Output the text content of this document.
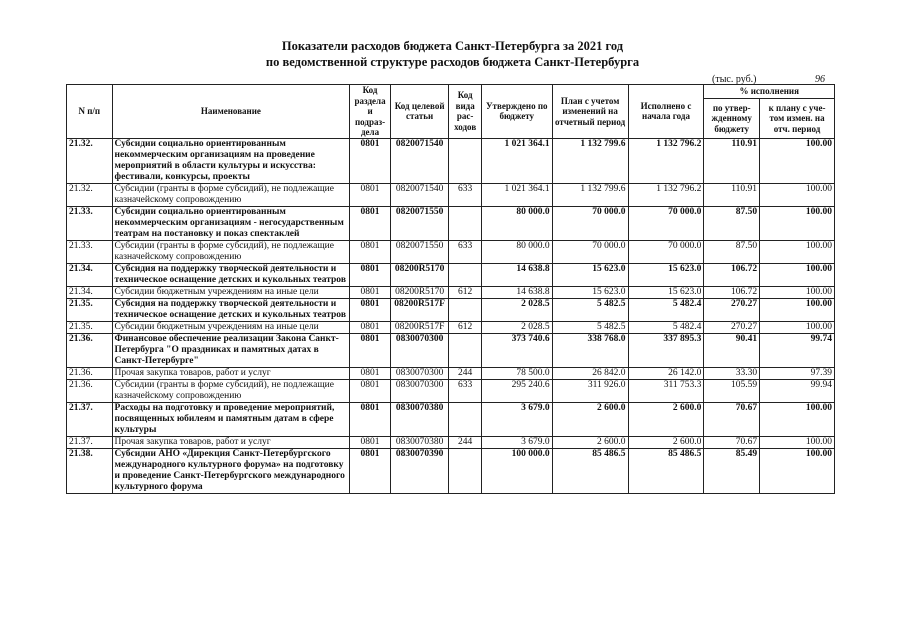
Показатели расходов бюджета Санкт-Петербурга за 2021 год
по ведомственной структуре расходов бюджета Санкт-Петербурга
(тыс. руб.)	96
N п/п	Наименование	Код раздела и подраз- дела	Код целевой статьи	Код вида рас- ходов	Утверждено по бюджету	План с учетом изменений на отчетный период	Исполнено с начала года	% исполнения	
								по утвер- жденному бюджету	к плану с уче- том измен. на отч. период
21.32.	Субсидии социально ориентированным некоммерческим организациям на проведение мероприятий в области культуры и искусства: фестивали, конкурсы, проекты	0801	0820071540		1 021 364.1	1 132 799.6	1 132 796.2	110.91	100.00
21.32.	Субсидии (гранты в форме субсидий), не подлежащие казначейскому сопровождению	0801	0820071540	633	1 021 364.1	1 132 799.6	1 132 796.2	110.91	100.00
21.33.	Субсидии социально ориентированным некоммерческим организациям - негосударственным театрам на постановку и показ спектаклей	0801	0820071550		80 000.0	70 000.0	70 000.0	87.50	100.00
21.33.	Субсидии (гранты в форме субсидий), не подлежащие казначейскому сопровождению	0801	0820071550	633	80 000.0	70 000.0	70 000.0	87.50	100.00
21.34.	Субсидия на поддержку творческой деятельности и техническое оснащение детских и кукольных театров	0801	08200R5170		14 638.8	15 623.0	15 623.0	106.72	100.00
21.34.	Субсидии бюджетным учреждениям на иные цели	0801	08200R5170	612	14 638.8	15 623.0	15 623.0	106.72	100.00
21.35.	Субсидия на поддержку творческой деятельности и техническое оснащение детских и кукольных театров	0801	08200R517F		2 028.5	5 482.5	5 482.4	270.27	100.00
21.35.	Субсидии бюджетным учреждениям на иные цели	0801	08200R517F	612	2 028.5	5 482.5	5 482.4	270.27	100.00
21.36.	Финансовое обеспечение реализации Закона Санкт-Петербурга "О праздниках и памятных датах в Санкт-Петербурге"	0801	0830070300		373 740.6	338 768.0	337 895.3	90.41	99.74
21.36.	Прочая закупка товаров, работ и услуг	0801	0830070300	244	78 500.0	26 842.0	26 142.0	33.30	97.39
21.36.	Субсидии (гранты в форме субсидий), не подлежащие казначейскому сопровождению	0801	0830070300	633	295 240.6	311 926.0	311 753.3	105.59	99.94
21.37.	Расходы на подготовку и проведение мероприятий, посвященных юбилеям и памятным датам в сфере культуры	0801	0830070380		3 679.0	2 600.0	2 600.0	70.67	100.00
21.37.	Прочая закупка товаров, работ и услуг	0801	0830070380	244	3 679.0	2 600.0	2 600.0	70.67	100.00
21.38.	Субсидии АНО «Дирекция Санкт-Петербургского международного культурного форума» на подготовку и проведение Санкт-Петербургского международного культурного форума	0801	0830070390		100 000.0	85 486.5	85 486.5	85.49	100.00
